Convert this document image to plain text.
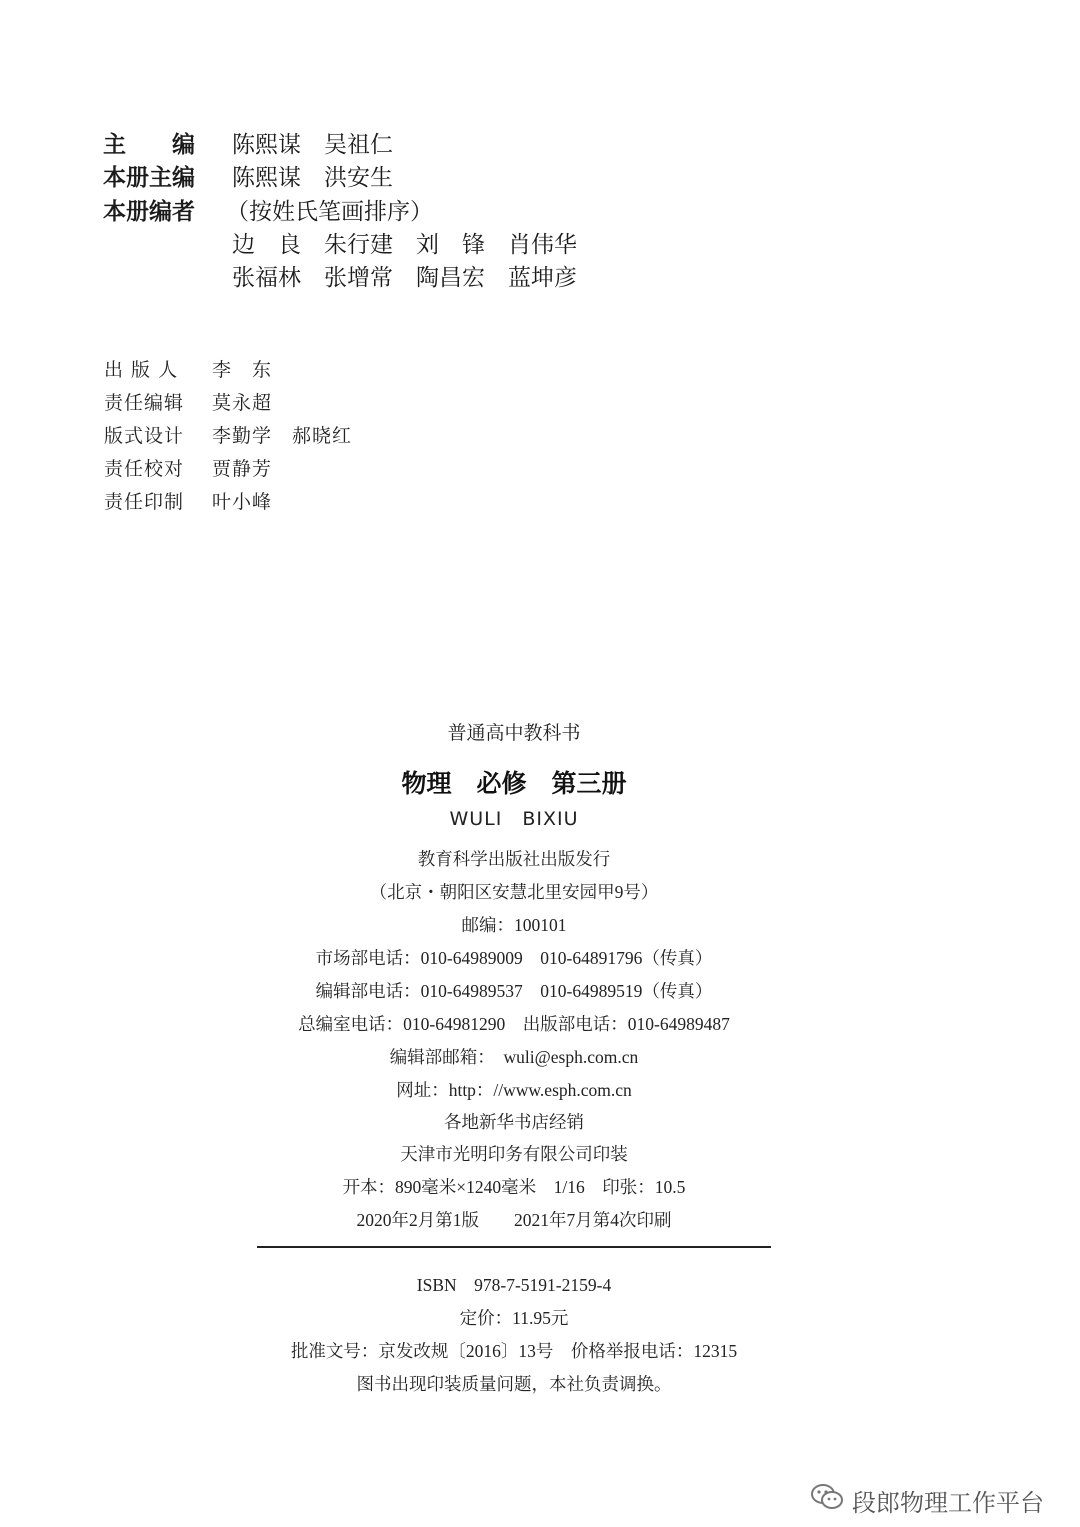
主　　编 陈熙谋　吴祖仁
本册主编 陈熙谋　洪安生
本册编者 （按姓氏笔画排序）
边　良　朱行建　刘　锋　肖伟华
张福林　张增常　陶昌宏　蓝坤彦
出 版 人 李　东
责任编辑 莫永超
版式设计 李勤学　郝晓红
责任校对 贾静芳
责任印制 叶小峰
普通高中教科书
物理　必修　第三册
WULI　BIXIU
教育科学出版社出版发行
（北京・朝阳区安慧北里安园甲9号）
邮编：100101
市场部电话：010-64989009　010-64891796（传真）
编辑部电话：010-64989537　010-64989519（传真）
总编室电话：010-64981290　出版部电话：010-64989487
编辑部邮箱：　wuli@esph.com.cn
网址：http：//www.esph.com.cn
各地新华书店经销
天津市光明印务有限公司印装
开本：890毫米×1240毫米　1/16　印张：10.5
2020年2月第1版　　2021年7月第4次印刷
ISBN　978-7-5191-2159-4
定价：11.95元
批准文号：京发改规〔2016〕13号　价格举报电话：12315
图书出现印装质量问题，本社负责调换。
段郎物理工作平台
